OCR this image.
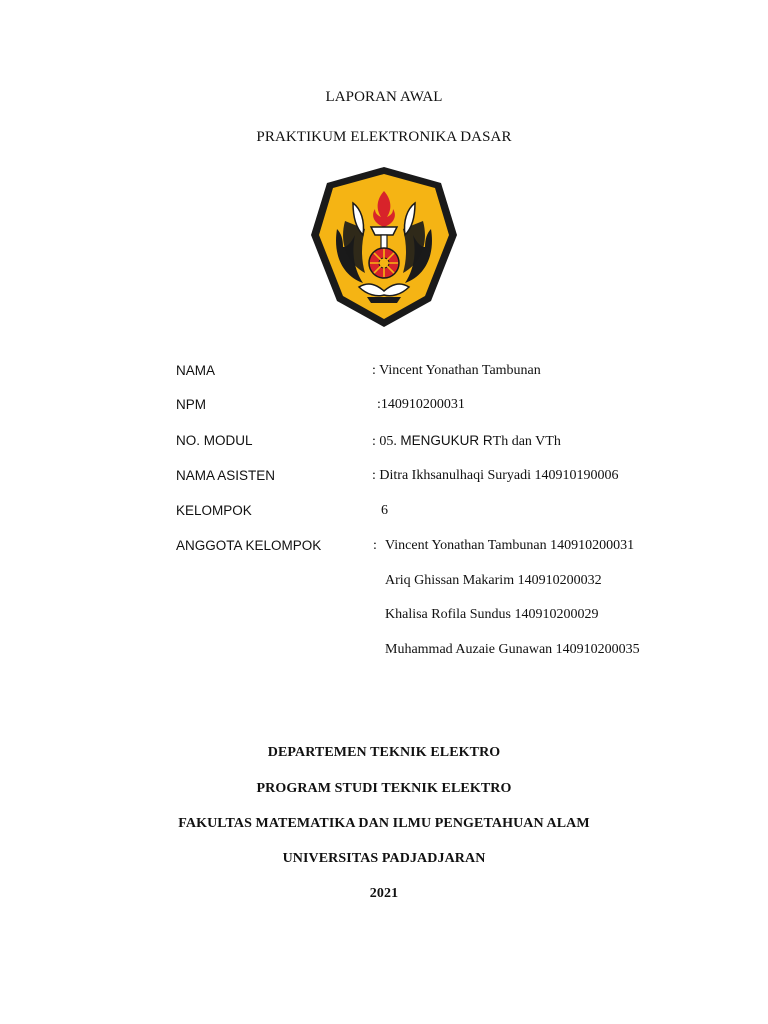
LAPORAN AWAL
PRAKTIKUM ELEKTRONIKA DASAR
NAMA	: Vincent Yonathan Tambunan
NPM	:140910200031
NO. MODUL	: 05. MENGUKUR RTh dan VTh
NAMA ASISTEN	: Ditra Ikhsanulhaqi Suryadi 140910190006
KELOMPOK	6
ANGGOTA KELOMPOK	: Vincent Yonathan Tambunan 140910200031
Ariq Ghissan Makarim 140910200032
Khalisa Rofila Sundus 140910200029
Muhammad Auzaie Gunawan 140910200035
DEPARTEMEN TEKNIK ELEKTRO
PROGRAM STUDI TEKNIK ELEKTRO
FAKULTAS MATEMATIKA DAN ILMU PENGETAHUAN ALAM
UNIVERSITAS PADJADJARAN
2021
